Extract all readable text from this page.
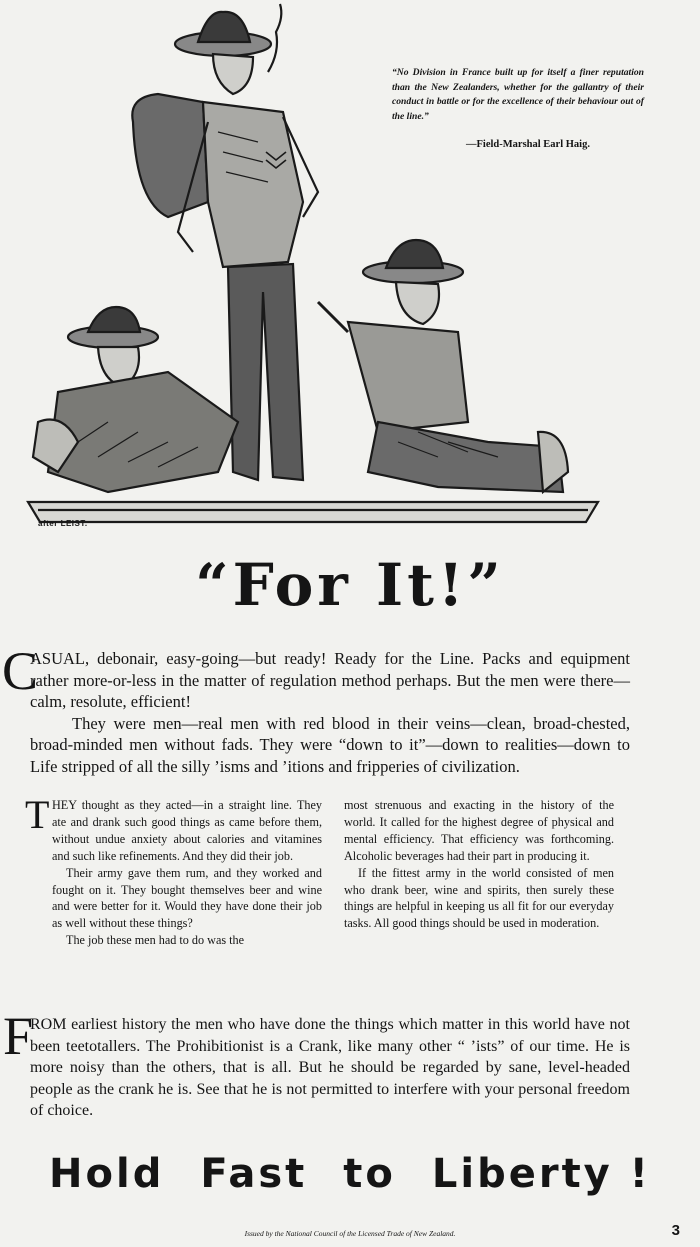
after LEIST.
“No Division in France built up for itself a finer reputation than the New Zealanders, whether for the gallantry of their conduct in battle or for the excellence of their behaviour out of the line.”
—Field-Marshal Earl Haig.
“For It!”
C

ASUAL, debonair, easy-going—but ready! Ready for the Line. Packs and equipment rather more-or-less in the matter of regulation method perhaps. But the men were there—calm, resolute, efficient!

They were men—real men with red blood in their veins—clean, broad-chested, broad-minded men without fads. They were “down to it”—down to realities—down to Life stripped of all the silly ’isms and ’itions and fripperies of civilization.

T HEY thought as they acted—in a straight line. They ate and drank such good things as came before them, without undue anxiety about calories and vitamines and such like refinements. And they did their job.

Their army gave them rum, and they worked and fought on it. They bought themselves beer and wine and were better for it. Would they have done their job as well without these things?

The job these men had to do was the

most strenuous and exacting in the history of the world. It called for the highest degree of physical and mental efficiency. That efficiency was forthcoming. Alcoholic beverages had their part in producing it.

If the fittest army in the world consisted of men who drank beer, wine and spirits, then surely these things are helpful in keeping us all fit for our everyday tasks. All good things should be used in moderation.

F

ROM earliest history the men who have done the things which matter in this world have not been teetotallers. The Prohibitionist is a Crank, like many other “ ’ists” of our time. He is more noisy than the others, that is all. But he should be regarded by sane, level-headed people as the crank he is. See that he is not permitted to interfere with your personal freedom of choice.

Hold Fast to Liberty !
Issued by the National Council of the Licensed Trade of New Zealand.	3
